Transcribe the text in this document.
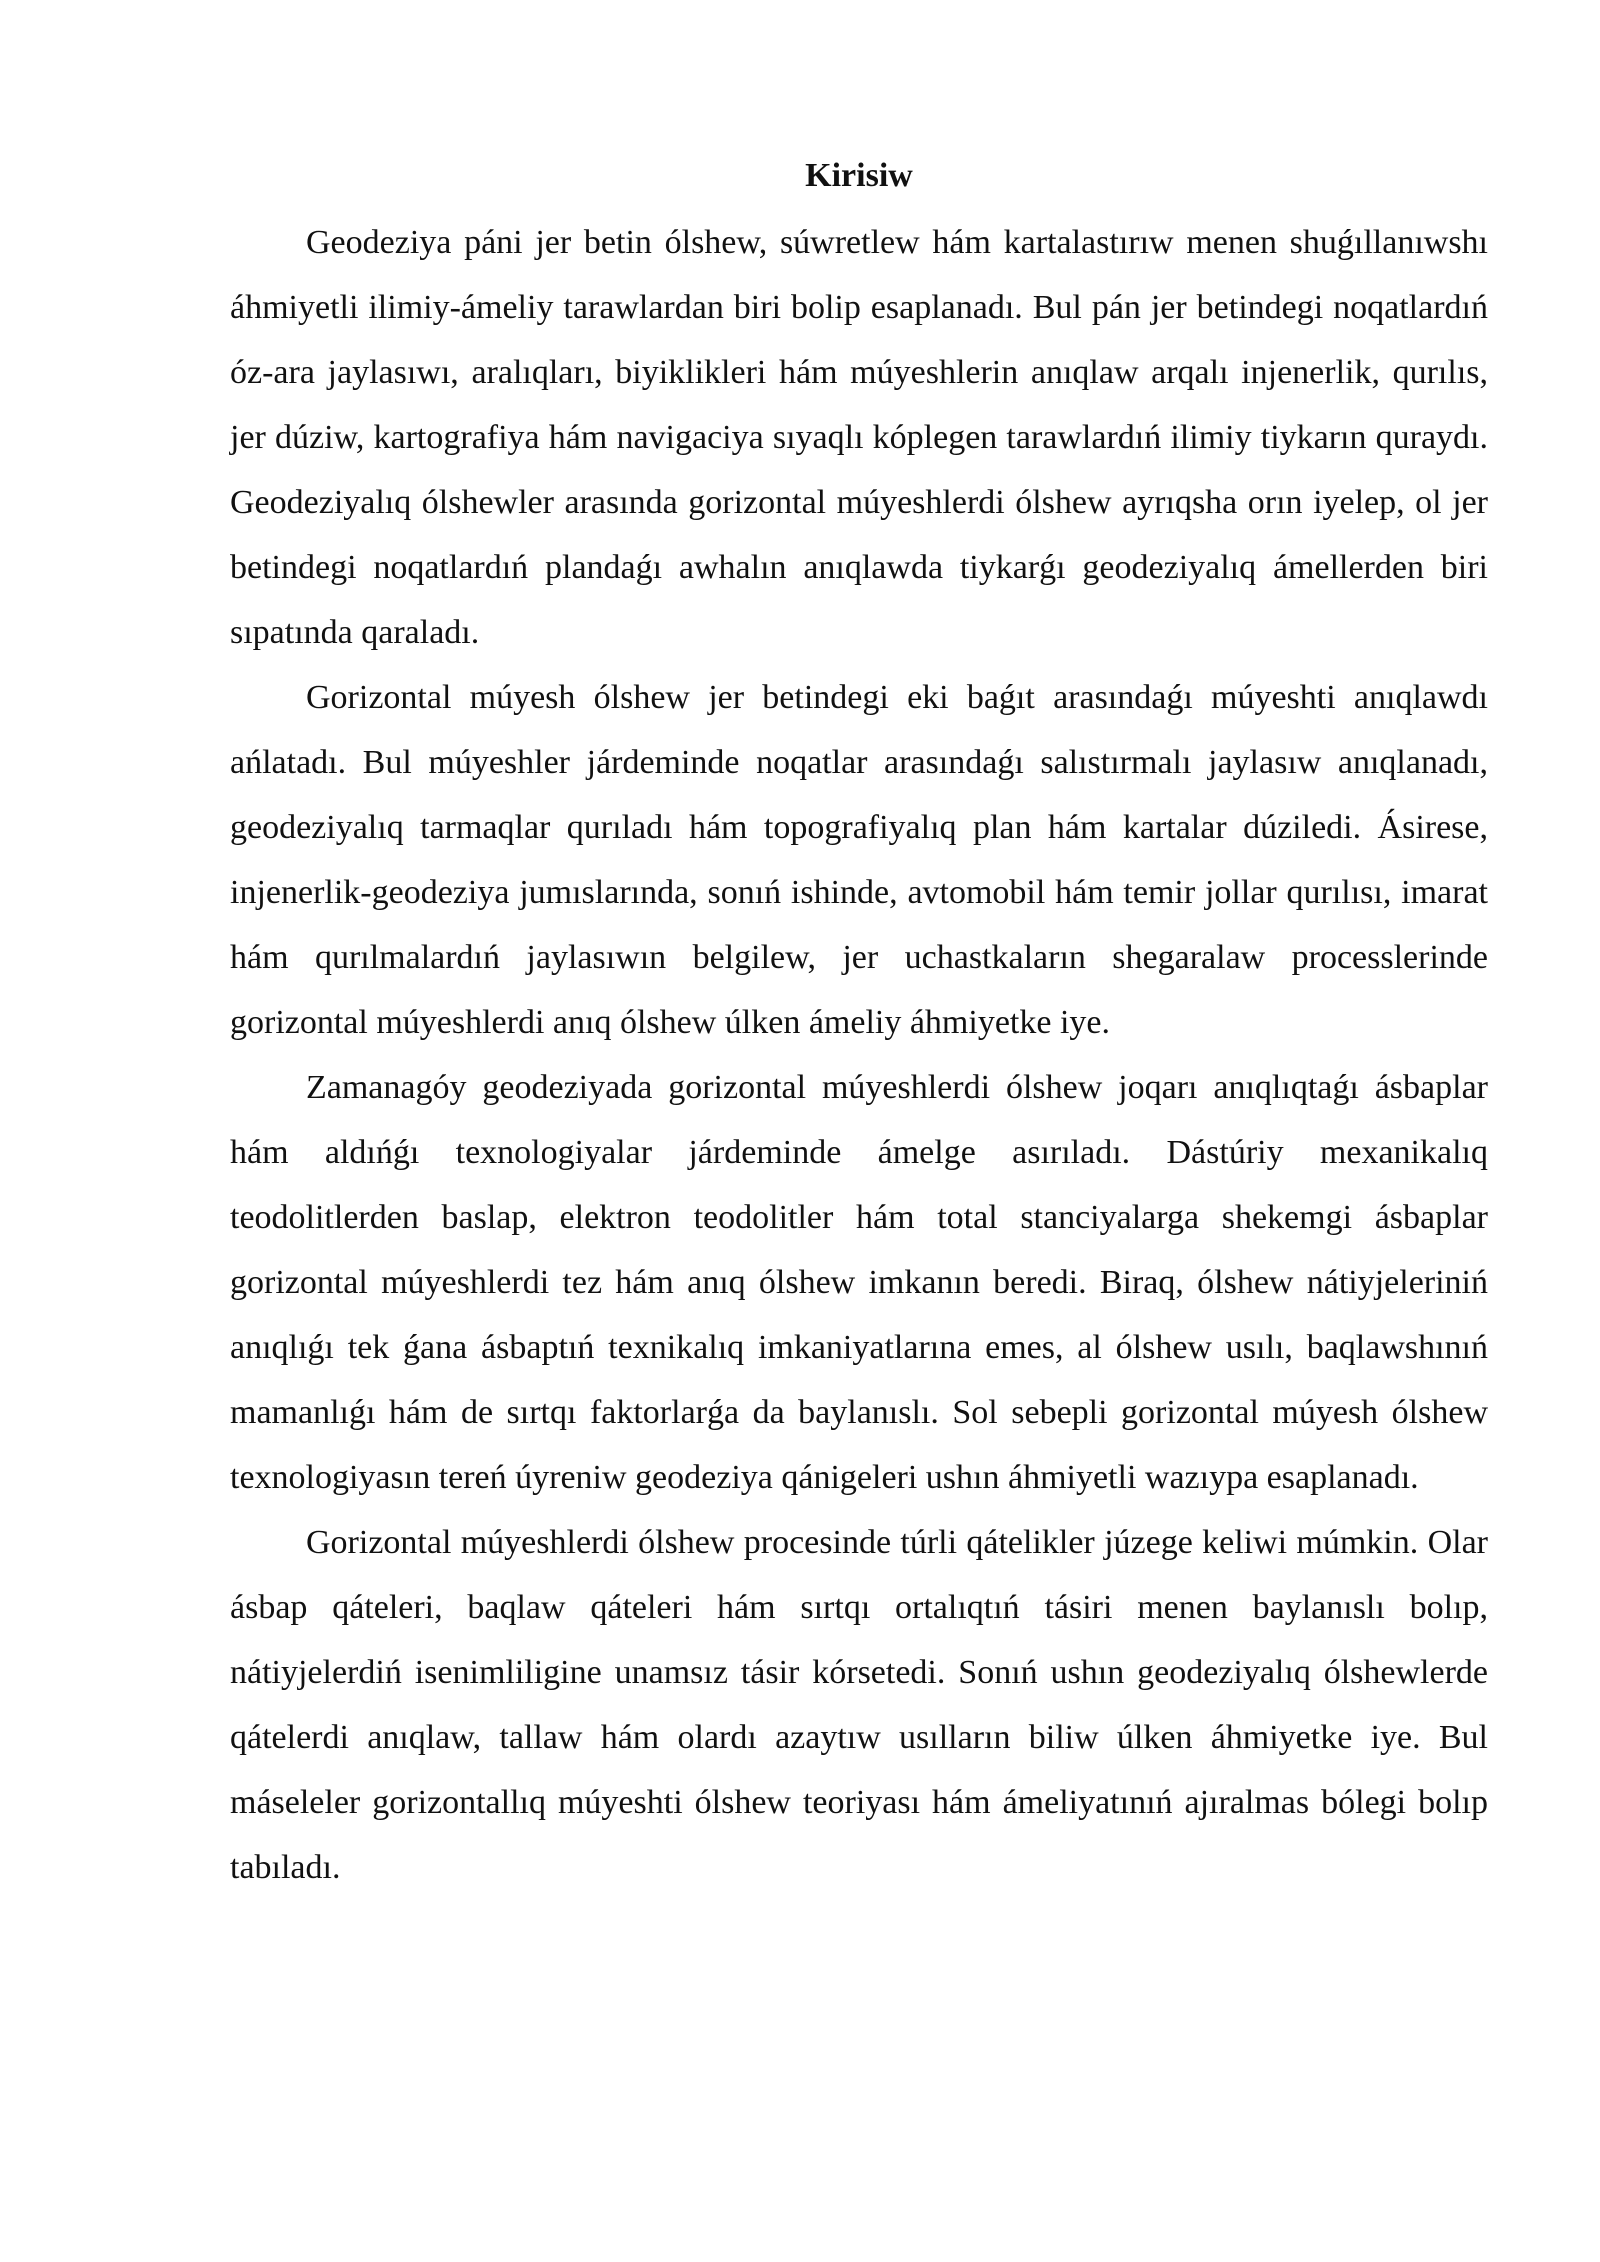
Kirisiw

Geodeziya páni jer betin ólshew, súwretlew hám kartalastırıw menen shuǵıllanıwshı áhmiyetli ilimiy-ámeliy tarawlardan biri bolip esaplanadı. Bul pán jer betindegi noqatlardıń óz-ara jaylasıwı, aralıqları, biyiklikleri hám múyeshlerin anıqlaw arqalı injenerlik, qurılıs, jer dúziw, kartografiya hám navigaciya sıyaqlı kóplegen tarawlardıń ilimiy tiykarın quraydı. Geodeziyalıq ólshewler arasında gorizontal múyeshlerdi ólshew ayrıqsha orın iyelep, ol jer betindegi noqatlardıń plandaǵı awhalın anıqlawda tiykarǵı geodeziyalıq ámellerden biri sıpatında qaraladı.

Gorizontal múyesh ólshew jer betindegi eki baǵıt arasındaǵı múyeshti anıqlawdı ańlatadı. Bul múyeshler járdeminde noqatlar arasındaǵı salıstırmalı jaylasıw anıqlanadı, geodeziyalıq tarmaqlar qurıladı hám topografiyalıq plan hám kartalar dúziledi. Ásirese, injenerlik-geodeziya jumıslarında, sonıń ishinde, avtomobil hám temir jollar qurılısı, imarat hám qurılmalardıń jaylasıwın belgilew, jer uchastkaların shegaralaw processlerinde gorizontal múyeshlerdi anıq ólshew úlken ámeliy áhmiyetke iye.

Zamanagóy geodeziyada gorizontal múyeshlerdi ólshew joqarı anıqlıqtaǵı ásbaplar hám aldıńǵı texnologiyalar járdeminde ámelge asırıladı. Dástúriy mexanikalıq teodolitlerden baslap, elektron teodolitler hám total stanciyalarga shekemgi ásbaplar gorizontal múyeshlerdi tez hám anıq ólshew imkanın beredi. Biraq, ólshew nátiyjeleriniń anıqlıǵı tek ǵana ásbaptıń texnikalıq imkaniyatlarına emes, al ólshew usılı, baqlawshınıń mamanlıǵı hám de sırtqı faktorlarǵa da baylanıslı. Sol sebepli gorizontal múyesh ólshew texnologiyasın tereń úyreniw geodeziya qánigeleri ushın áhmiyetli wazıypa esaplanadı.

Gorizontal múyeshlerdi ólshew procesinde túrli qátelikler júzege keliwi múmkin. Olar ásbap qáteleri, baqlaw qáteleri hám sırtqı ortalıqtıń tásiri menen baylanıslı bolıp, nátiyjelerdiń isenimliligine unamsız tásir kórsetedi. Sonıń ushın geodeziyalıq ólshewlerde qátelerdi anıqlaw, tallaw hám olardı azaytıw usılların biliw úlken áhmiyetke iye. Bul máseleler gorizontallıq múyeshti ólshew teoriyası hám ámeliyatınıń ajıralmas bólegi bolıp tabıladı.
